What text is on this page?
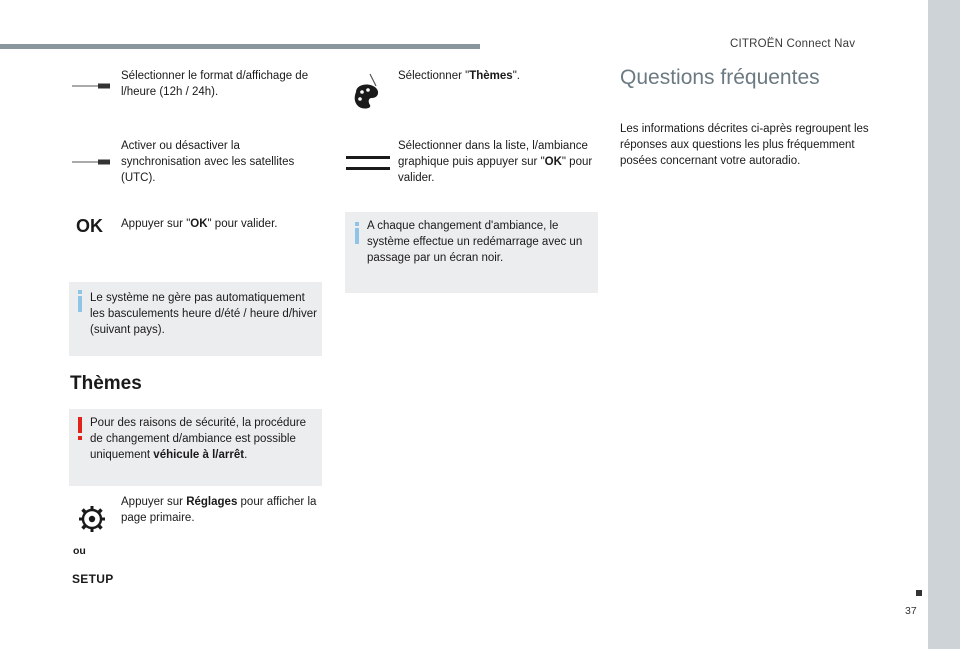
CITROËN Connect Nav
37
Sélectionner le format d/affichage de l/heure (12h / 24h).
Activer ou désactiver la synchronisation avec les satellites (UTC).
OK Appuyer sur "OK" pour valider.
Le système ne gère pas automatiquement les basculements heure d/été / heure d/hiver (suivant pays).
Thèmes
Pour des raisons de sécurité, la procédure de changement d/ambiance est possible uniquement véhicule à l/arrêt.
Appuyer sur Réglages pour afficher la page primaire.
ou
SETUP
Sélectionner "Thèmes".
Sélectionner dans la liste, l/ambiance graphique puis appuyer sur "OK" pour valider.
A chaque changement d'ambiance, le système effectue un redémarrage avec un passage par un écran noir.
Questions fréquentes
Les informations décrites ci-après regroupent les réponses aux questions les plus fréquemment posées concernant votre autoradio.
